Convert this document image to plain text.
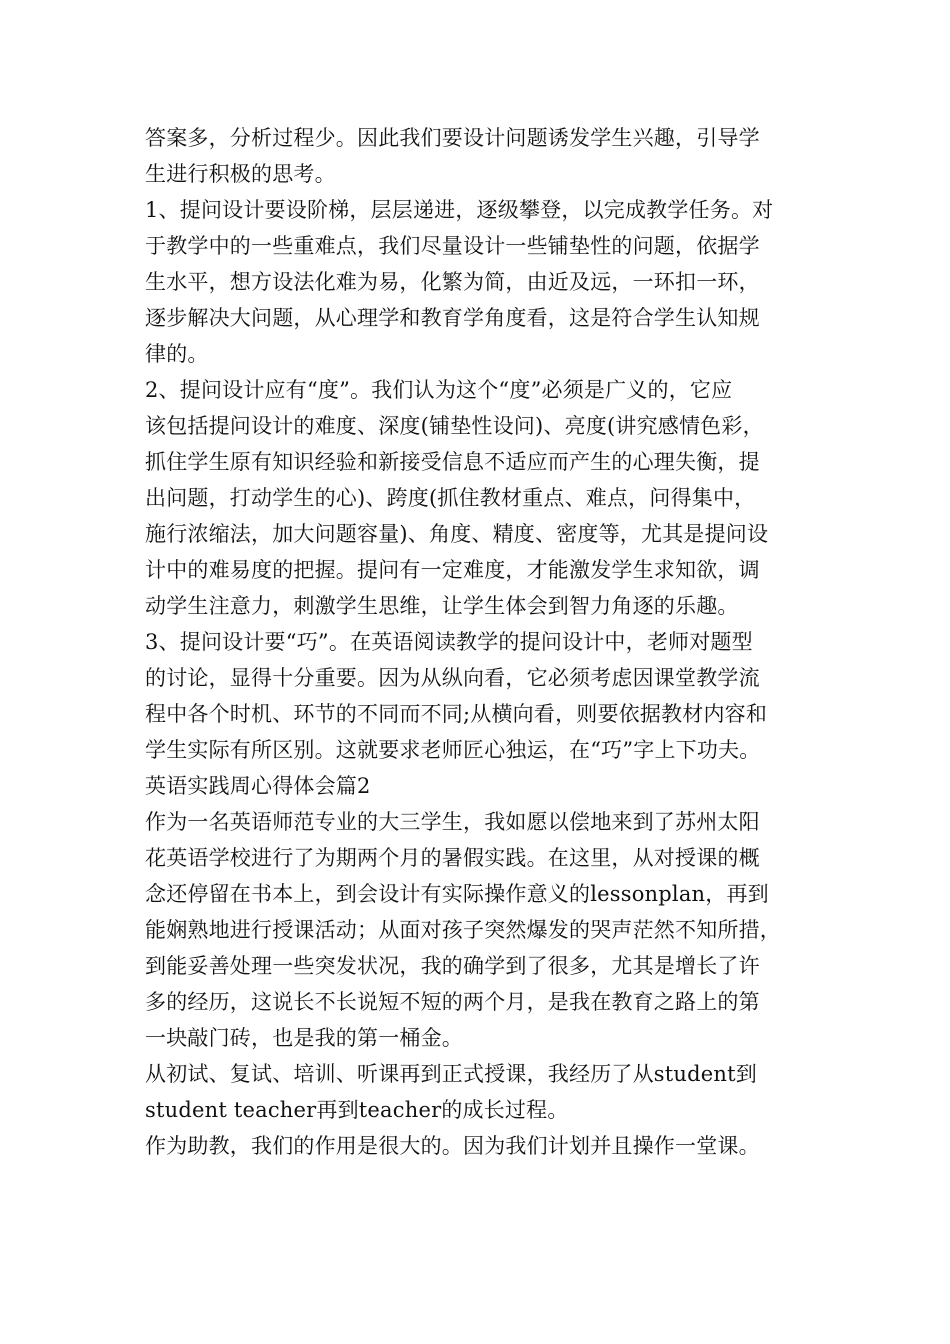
答案多，分析过程少。因此我们要设计问题诱发学生兴趣，引导学
生进行积极的思考。
1、提问设计要设阶梯，层层递进，逐级攀登，以完成教学任务。对
于教学中的一些重难点，我们尽量设计一些铺垫性的问题，依据学
生水平，想方设法化难为易，化繁为简，由近及远，一环扣一环，
逐步解决大问题，从心理学和教育学角度看，这是符合学生认知规
律的。
2、提问设计应有“度”。我们认为这个“度”必须是广义的，它应
该包括提问设计的难度、深度(铺垫性设问)、亮度(讲究感情色彩，
抓住学生原有知识经验和新接受信息不适应而产生的心理失衡，提
出问题，打动学生的心)、跨度(抓住教材重点、难点，问得集中，
施行浓缩法，加大问题容量)、角度、精度、密度等，尤其是提问设
计中的难易度的把握。提问有一定难度，才能激发学生求知欲，调
动学生注意力，刺激学生思维，让学生体会到智力角逐的乐趣。
3、提问设计要“巧”。在英语阅读教学的提问设计中，老师对题型
的讨论，显得十分重要。因为从纵向看，它必须考虑因课堂教学流
程中各个时机、环节的不同而不同;从横向看，则要依据教材内容和
学生实际有所区别。这就要求老师匠心独运，在“巧”字上下功夫。
英语实践周心得体会篇2
作为一名英语师范专业的大三学生，我如愿以偿地来到了苏州太阳
花英语学校进行了为期两个月的暑假实践。在这里，从对授课的概
念还停留在书本上，到会设计有实际操作意义的lessonplan，再到
能娴熟地进行授课活动；从面对孩子突然爆发的哭声茫然不知所措，
到能妥善处理一些突发状况，我的确学到了很多，尤其是增长了许
多的经历，这说长不长说短不短的两个月，是我在教育之路上的第
一块敲门砖，也是我的第一桶金。
从初试、复试、培训、听课再到正式授课，我经历了从student到
student teacher再到teacher的成长过程。
作为助教，我们的作用是很大的。因为我们计划并且操作一堂课。
